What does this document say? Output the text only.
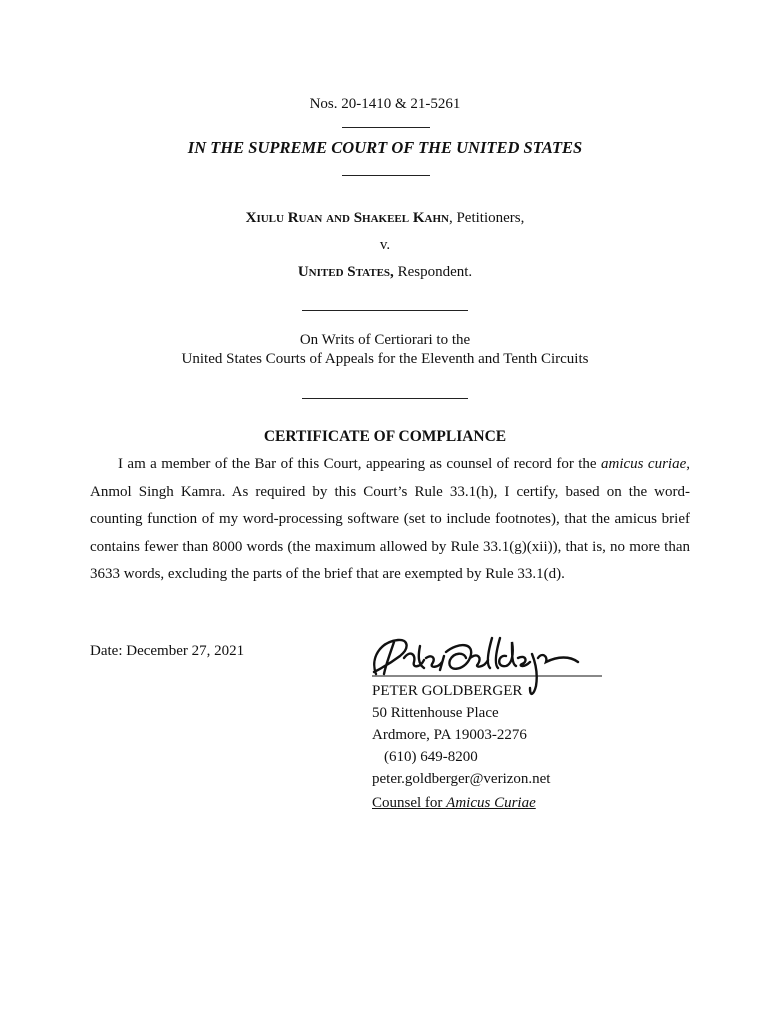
Nos. 20-1410 & 21-5261
IN THE SUPREME COURT OF THE UNITED STATES
Xiulu Ruan and Shakeel Kahn, Petitioners,
v.
United States, Respondent.
On Writs of Certiorari to the
United States Courts of Appeals for the Eleventh and Tenth Circuits
CERTIFICATE OF COMPLIANCE
I am a member of the Bar of this Court, appearing as counsel of record for the amicus curiae, Anmol Singh Kamra. As required by this Court’s Rule 33.1(h), I certify, based on the word-counting function of my word-processing software (set to include footnotes), that the amicus brief contains fewer than 8000 words (the maximum allowed by Rule 33.1(g)(xii)), that is, no more than 3633 words, excluding the parts of the brief that are exempted by Rule 33.1(d).
Date: December 27, 2021
PETER GOLDBERGER
50 Rittenhouse Place
Ardmore, PA 19003-2276
(610) 649-8200
peter.goldberger@verizon.net
Counsel for Amicus Curiae
